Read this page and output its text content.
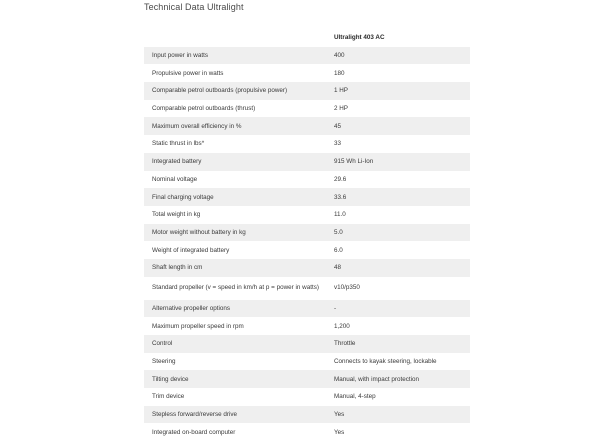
Technical Data Ultralight
	Ultralight 403 AC
Input power in watts	400
Propulsive power in watts	180
Comparable petrol outboards (propulsive power)	1 HP
Comparable petrol outboards (thrust)	2 HP
Maximum overall efficiency in %	45
Static thrust in lbs*	33
Integrated battery	915 Wh Li-Ion
Nominal voltage	29.6
Final charging voltage	33.6
Total weight in kg	11.0
Motor weight without battery in kg	5.0
Weight of integrated battery	6.0
Shaft length in cm	48
Standard propeller (v = speed in km/h at p = power in watts)	v10/p350
Alternative propeller options	-
Maximum propeller speed in rpm	1,200
Control	Throttle
Steering	Connects to kayak steering, lockable
Tilting device	Manual, with impact protection
Trim device	Manual, 4-step
Stepless forward/reverse drive	Yes
Integrated on-board computer	Yes
